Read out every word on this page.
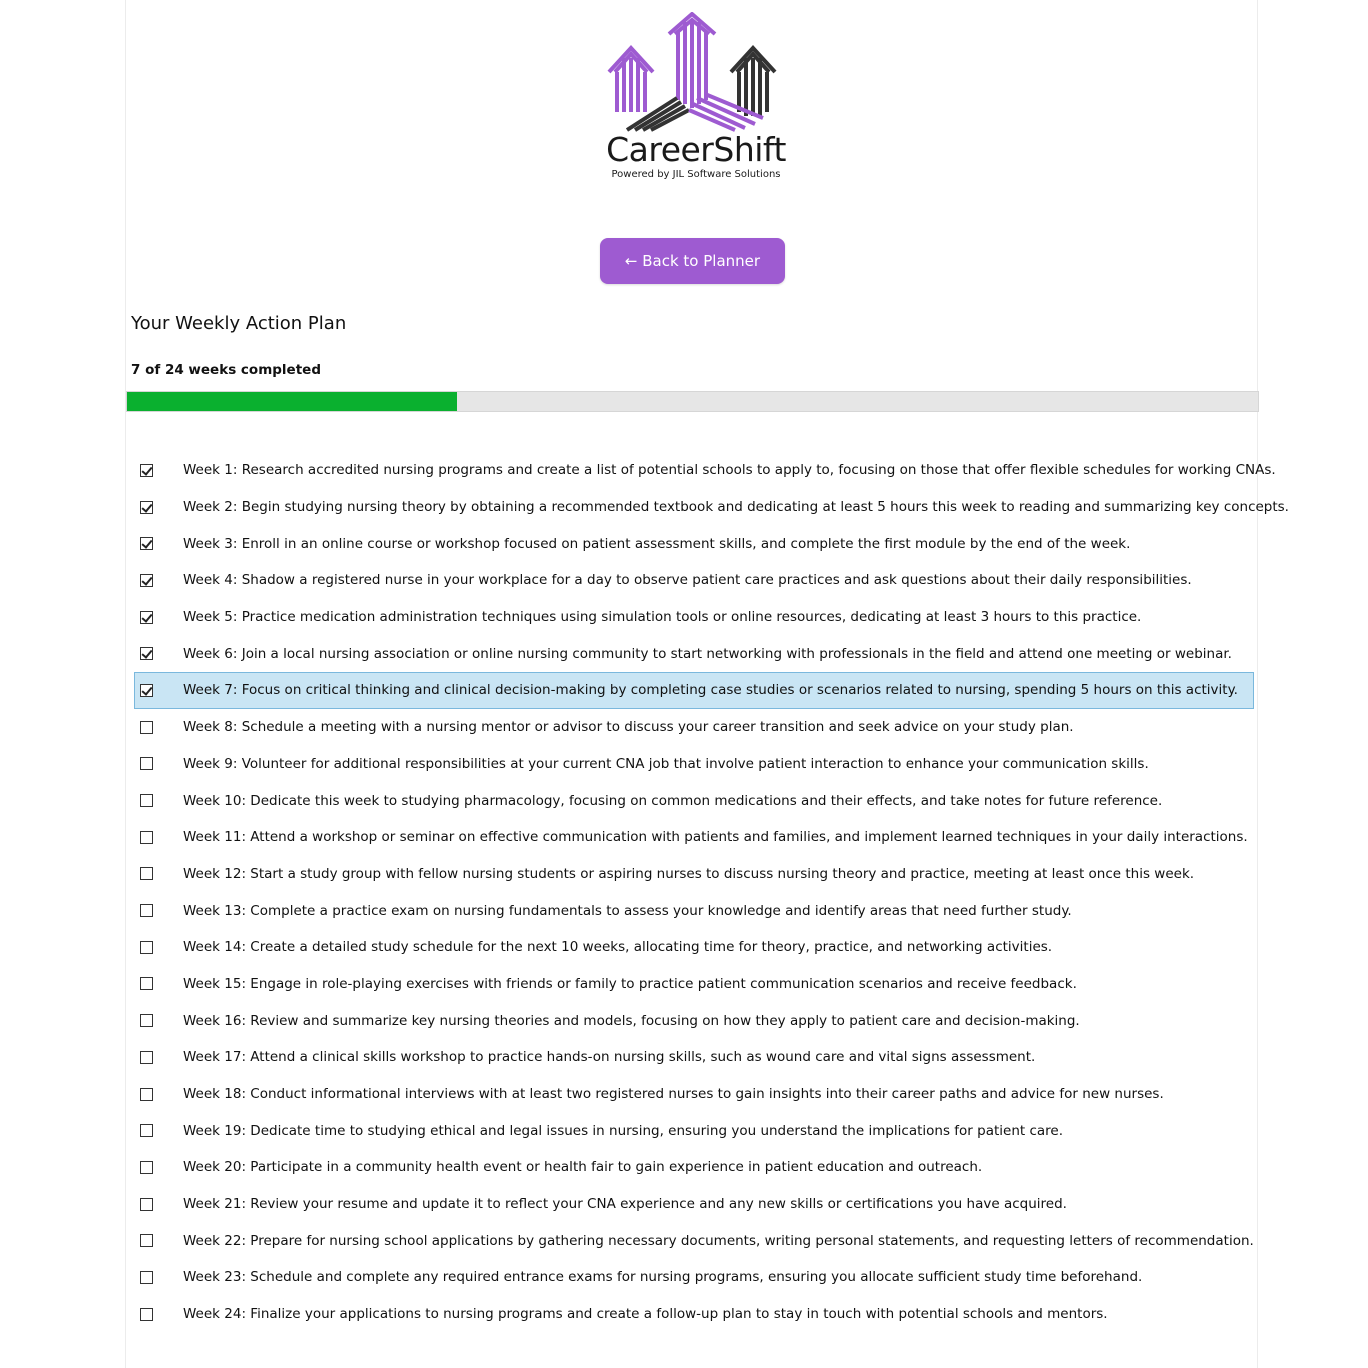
CareerShift
Powered by JIL Software Solutions
← Back to Planner
Your Weekly Action Plan
7 of 24 weeks completed
Week 1: Research accredited nursing programs and create a list of potential schools to apply to, focusing on those that offer flexible schedules for working CNAs.
Week 2: Begin studying nursing theory by obtaining a recommended textbook and dedicating at least 5 hours this week to reading and summarizing key concepts.
Week 3: Enroll in an online course or workshop focused on patient assessment skills, and complete the first module by the end of the week.
Week 4: Shadow a registered nurse in your workplace for a day to observe patient care practices and ask questions about their daily responsibilities.
Week 5: Practice medication administration techniques using simulation tools or online resources, dedicating at least 3 hours to this practice.
Week 6: Join a local nursing association or online nursing community to start networking with professionals in the field and attend one meeting or webinar.
Week 7: Focus on critical thinking and clinical decision-making by completing case studies or scenarios related to nursing, spending 5 hours on this activity.
Week 8: Schedule a meeting with a nursing mentor or advisor to discuss your career transition and seek advice on your study plan.
Week 9: Volunteer for additional responsibilities at your current CNA job that involve patient interaction to enhance your communication skills.
Week 10: Dedicate this week to studying pharmacology, focusing on common medications and their effects, and take notes for future reference.
Week 11: Attend a workshop or seminar on effective communication with patients and families, and implement learned techniques in your daily interactions.
Week 12: Start a study group with fellow nursing students or aspiring nurses to discuss nursing theory and practice, meeting at least once this week.
Week 13: Complete a practice exam on nursing fundamentals to assess your knowledge and identify areas that need further study.
Week 14: Create a detailed study schedule for the next 10 weeks, allocating time for theory, practice, and networking activities.
Week 15: Engage in role-playing exercises with friends or family to practice patient communication scenarios and receive feedback.
Week 16: Review and summarize key nursing theories and models, focusing on how they apply to patient care and decision-making.
Week 17: Attend a clinical skills workshop to practice hands-on nursing skills, such as wound care and vital signs assessment.
Week 18: Conduct informational interviews with at least two registered nurses to gain insights into their career paths and advice for new nurses.
Week 19: Dedicate time to studying ethical and legal issues in nursing, ensuring you understand the implications for patient care.
Week 20: Participate in a community health event or health fair to gain experience in patient education and outreach.
Week 21: Review your resume and update it to reflect your CNA experience and any new skills or certifications you have acquired.
Week 22: Prepare for nursing school applications by gathering necessary documents, writing personal statements, and requesting letters of recommendation.
Week 23: Schedule and complete any required entrance exams for nursing programs, ensuring you allocate sufficient study time beforehand.
Week 24: Finalize your applications to nursing programs and create a follow-up plan to stay in touch with potential schools and mentors.
